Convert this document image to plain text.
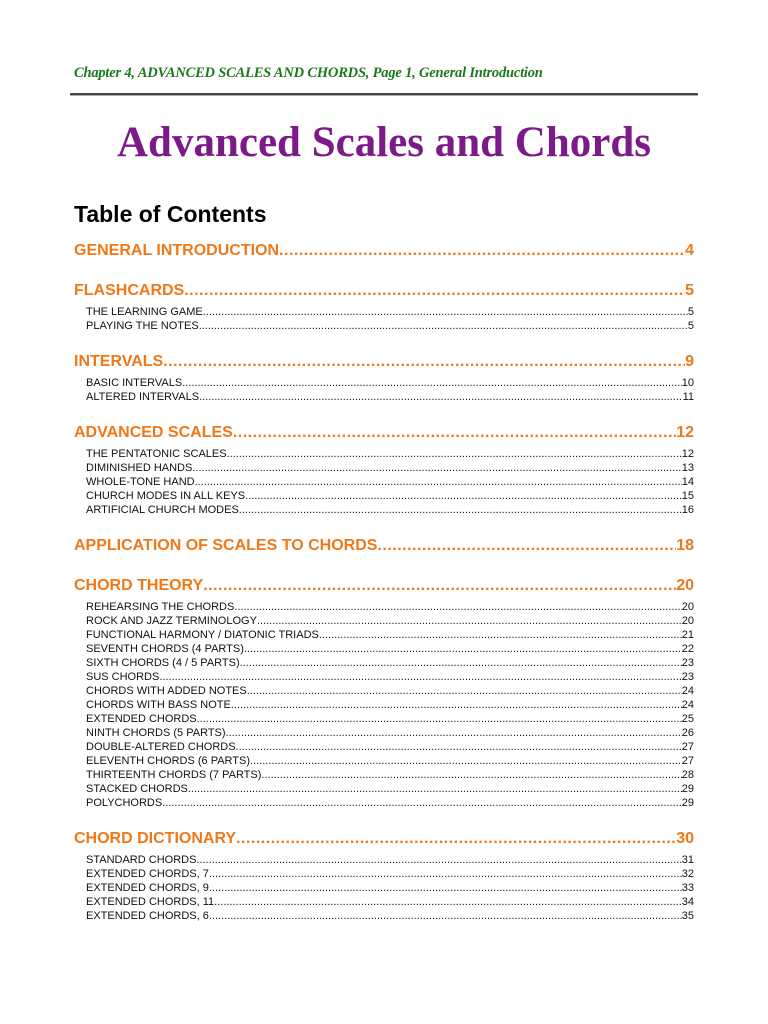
Chapter 4, ADVANCED SCALES AND CHORDS, Page 1, General Introduction
Advanced Scales and Chords
Table of Contents
GENERAL INTRODUCTION .....	4
FLASHCARDS .....	5
THE LEARNING GAME .....	5
PLAYING THE NOTES .....	5
INTERVALS .....	9
BASIC INTERVALS .....	10
ALTERED INTERVALS .....	11
ADVANCED SCALES .....	12
THE PENTATONIC SCALES .....	12
DIMINISHED HANDS .....	13
WHOLE-TONE HAND .....	14
CHURCH MODES IN ALL KEYS .....	15
ARTIFICIAL CHURCH MODES .....	16
APPLICATION OF SCALES TO CHORDS .....	18
CHORD THEORY .....	20
REHEARSING THE CHORDS .....	20
ROCK AND JAZZ TERMINOLOGY .....	20
FUNCTIONAL HARMONY / DIATONIC TRIADS .....	21
SEVENTH CHORDS (4 PARTS) .....	22
SIXTH CHORDS (4 / 5 PARTS) .....	23
SUS CHORDS .....	23
CHORDS WITH ADDED NOTES .....	24
CHORDS WITH BASS NOTE .....	24
EXTENDED CHORDS .....	25
NINTH CHORDS (5 PARTS) .....	26
DOUBLE-ALTERED CHORDS .....	27
ELEVENTH CHORDS (6 PARTS) .....	27
THIRTEENTH CHORDS (7 PARTS) .....	28
STACKED CHORDS .....	29
POLYCHORDS .....	29
CHORD DICTIONARY .....	30
STANDARD CHORDS .....	31
EXTENDED CHORDS, 7 .....	32
EXTENDED CHORDS, 9 .....	33
EXTENDED CHORDS, 11 .....	34
EXTENDED CHORDS, 6 .....	35
